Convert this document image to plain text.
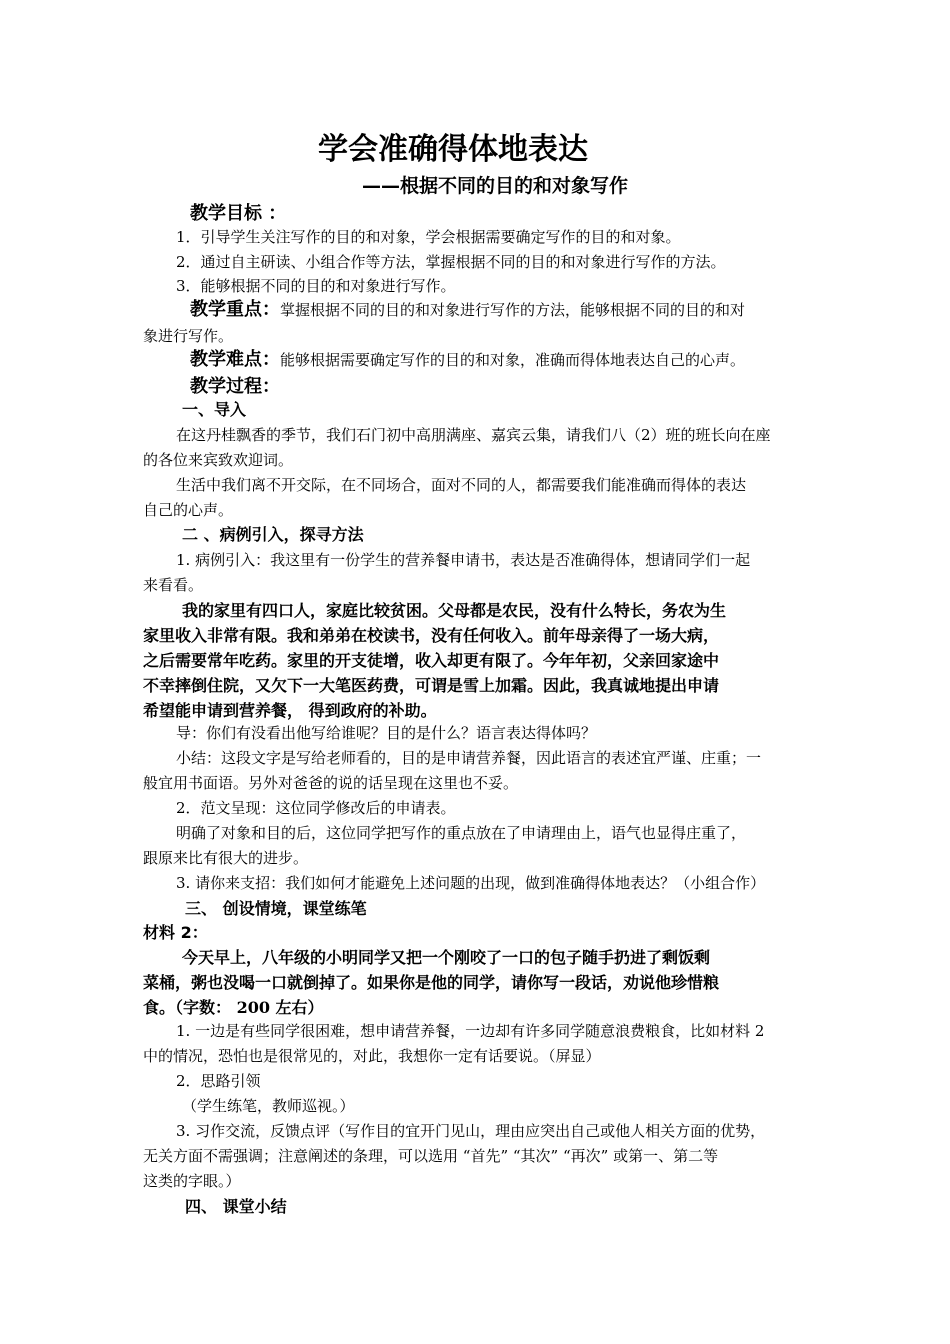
学会准确得体地表达
——根据不同的目的和对象写作
教学目标 ：
1．引导学生关注写作的目的和对象，学会根据需要确定写作的目的和对象。
2．通过自主研读、小组合作等方法，掌握根据不同的目的和对象进行写作的方法。
3．能够根据不同的目的和对象进行写作。
教学重点：掌握根据不同的目的和对象进行写作的方法，能够根据不同的目的和对
象进行写作。
教学难点：能够根据需要确定写作的目的和对象，准确而得体地表达自己的心声。
教学过程：
一、导入
在这丹桂飘香的季节，我们石门初中高朋满座、嘉宾云集，请我们八（2）班的班长向在座
的各位来宾致欢迎词。
生活中我们离不开交际，在不同场合，面对不同的人，都需要我们能准确而得体的表达
自己的心声。
二 、病例引入，探寻方法
1. 病例引入：我这里有一份学生的营养餐申请书，表达是否准确得体，想请同学们一起
来看看。
我的家里有四口人，家庭比较贫困。父母都是农民，没有什么特长，务农为生
家里收入非常有限。我和弟弟在校读书，没有任何收入。前年母亲得了一场大病，
之后需要常年吃药。家里的开支徒增，收入却更有限了。今年年初，父亲回家途中
不幸摔倒住院，又欠下一大笔医药费，可谓是雪上加霜。因此，我真诚地提出申请
希望能申请到营养餐， 得到政府的补助。
导：你们有没看出他写给谁呢？目的是什么？语言表达得体吗？
小结：这段文字是写给老师看的，目的是申请营养餐，因此语言的表述宜严谨、庄重；一
般宜用书面语。另外对爸爸的说的话呈现在这里也不妥。
2．范文呈现：这位同学修改后的申请表。
明确了对象和目的后，这位同学把写作的重点放在了申请理由上，语气也显得庄重了，
跟原来比有很大的进步。
3. 请你来支招：我们如何才能避免上述问题的出现，做到准确得体地表达？（小组合作）
三、 创设情境，课堂练笔
材料 2：
今天早上，八年级的小明同学又把一个刚咬了一口的包子随手扔进了剩饭剩
菜桶，粥也没喝一口就倒掉了。如果你是他的同学，请你写一段话，劝说他珍惜粮
食。（字数： 200 左右）
1. 一边是有些同学很困难，想申请营养餐，一边却有许多同学随意浪费粮食，比如材料 2
中的情况，恐怕也是很常见的，对此，我想你一定有话要说。（屏显）
2．思路引领
（学生练笔，教师巡视。）
3. 习作交流，反馈点评（写作目的宜开门见山，理由应突出自己或他人相关方面的优势，
无关方面不需强调；注意阐述的条理，可以选用 “首先” “其次” “再次” 或第一、第二等
这类的字眼。）
四、 课堂小结
